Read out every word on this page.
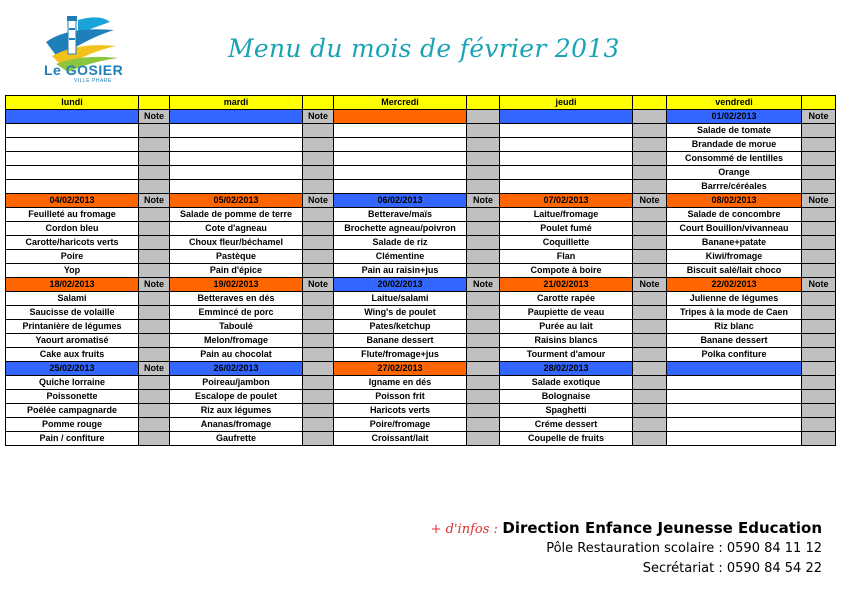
Le GOSIER
VILLE PHARE
Menu du mois de février 2013
lundi		mardi		Mercredi		jeudi		vendredi	
	Note		Note					01/02/2013	Note
								Salade de tomate	
								Brandade de morue	
								Consommé de lentilles	
								Orange	
								Barrre/céréales	
04/02/2013	Note	05/02/2013	Note	06/02/2013	Note	07/02/2013	Note	08/02/2013	Note
Feuilleté au fromage		Salade de pomme de terre		Betterave/maïs		Laitue/fromage		Salade de concombre	
Cordon bleu		Cote d'agneau		Brochette agneau/poivron		Poulet fumé		Court Bouillon/vivanneau	
Carotte/haricots verts		Choux fleur/béchamel		Salade de riz		Coquillette		Banane+patate	
Poire		Pastèque		Clémentine		Flan		Kiwi/fromage	
Yop		Pain d'épice		Pain au raisin+jus		Compote à boire		Biscuit salé/lait choco	
18/02/2013	Note	19/02/2013	Note	20/02/2013	Note	21/02/2013	Note	22/02/2013	Note
Salami		Betteraves en dés		Laitue/salami		Carotte rapée		Julienne de légumes	
Saucisse de volaille		Emmincé de porc		Wing's de poulet		Paupiette de veau		Tripes à la mode de Caen	
Printanière de légumes		Taboulé		Pates/ketchup		Purée au lait		Riz blanc	
Yaourt aromatisé		Melon/fromage		Banane dessert		Raisins blancs		Banane dessert	
Cake aux fruits		Pain au chocolat		Flute/fromage+jus		Tourment d'amour		Polka confiture	
25/02/2013	Note	26/02/2013		27/02/2013		28/02/2013			
Quiche lorraine		Poireau/jambon		Igname en dés		Salade exotique			
Poissonette		Escalope de poulet		Poisson frit		Bolognaise			
Poélée campagnarde		Riz aux légumes		Haricots verts		Spaghetti			
Pomme rouge		Ananas/fromage		Poire/fromage		Créme dessert			
Pain / confiture		Gaufrette		Croissant/lait		Coupelle de fruits			
+ d'infos : Direction Enfance Jeunesse Education
Pôle Restauration scolaire : 0590 84 11 12
Secrétariat : 0590 84 54 22
